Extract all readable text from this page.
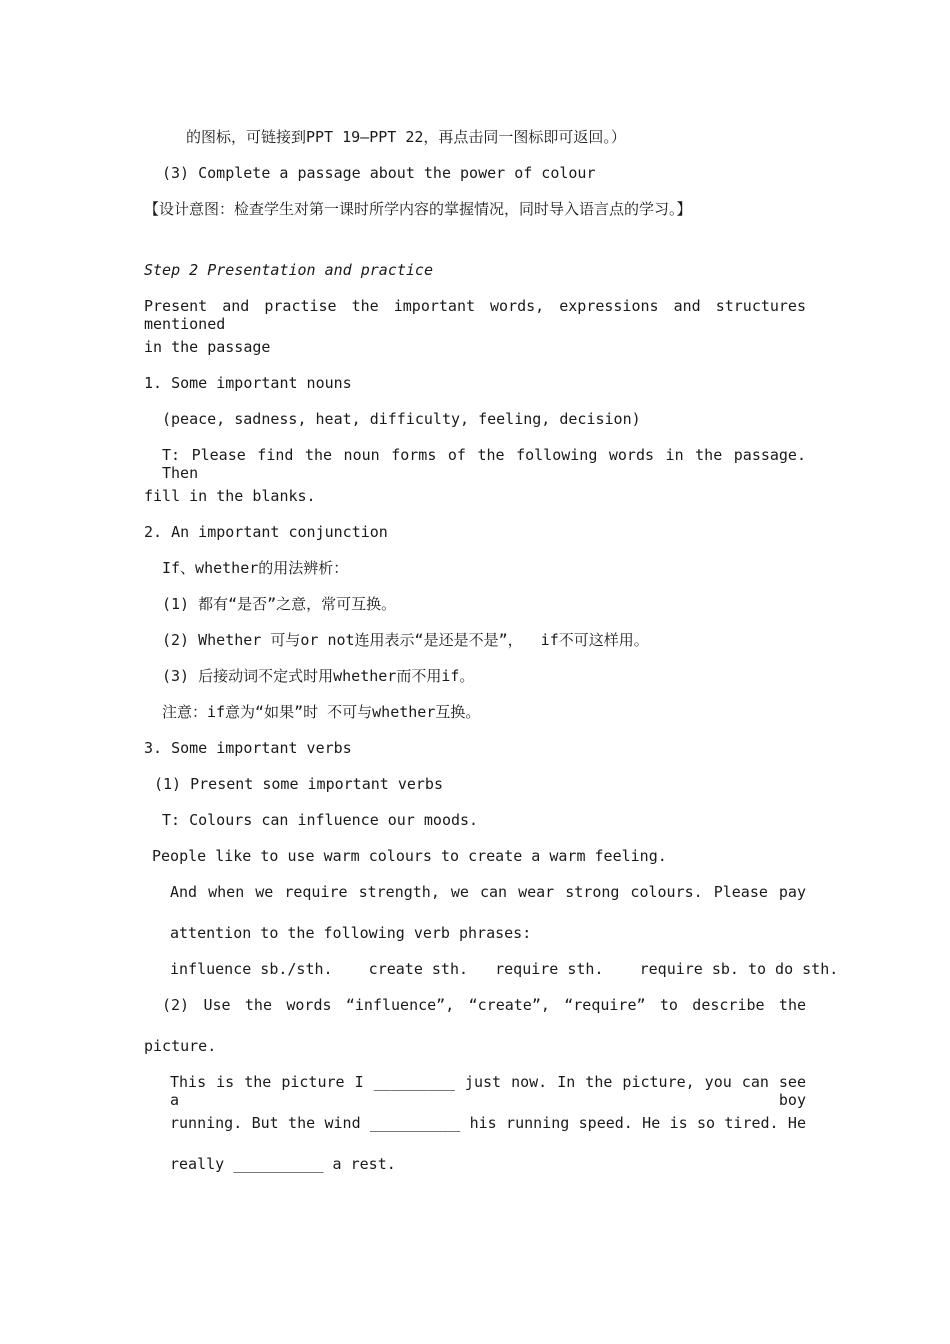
的图标，可链接到PPT 19—PPT 22，再点击同一图标即可返回。）
(3) Complete a passage about the power of colour
【设计意图：检查学生对第一课时所学内容的掌握情况，同时导入语言点的学习。】
Step 2 Presentation and practice
Present and practise the important words, expressions and structures mentioned
in the passage
1. Some important nouns
(peace, sadness, heat, difficulty, feeling, decision)
T: Please find the noun forms of the following words in the passage. Then
fill in the blanks.
2. An important conjunction
If、whether的用法辨析：
(1) 都有“是否”之意，常可互换。
(2) Whether 可与or not连用表示“是还是不是”，  if不可这样用。
(3) 后接动词不定式时用whether而不用if。
注意：if意为“如果”时 不可与whether互换。
3. Some important verbs
(1) Present some important verbs
T: Colours can influence our moods.
People like to use warm colours to create a warm feeling.
And when we require strength, we can wear strong colours. Please pay
attention to the following verb phrases:
influence sb./sth.    create sth.   require sth.    require sb. to do sth.
(2) Use the words “influence”, “create”, “require” to describe the
picture.
This is the picture I _________ just now. In the picture, you can see a boy
running. But the wind __________ his running speed. He is so tired. He
really __________ a rest.
